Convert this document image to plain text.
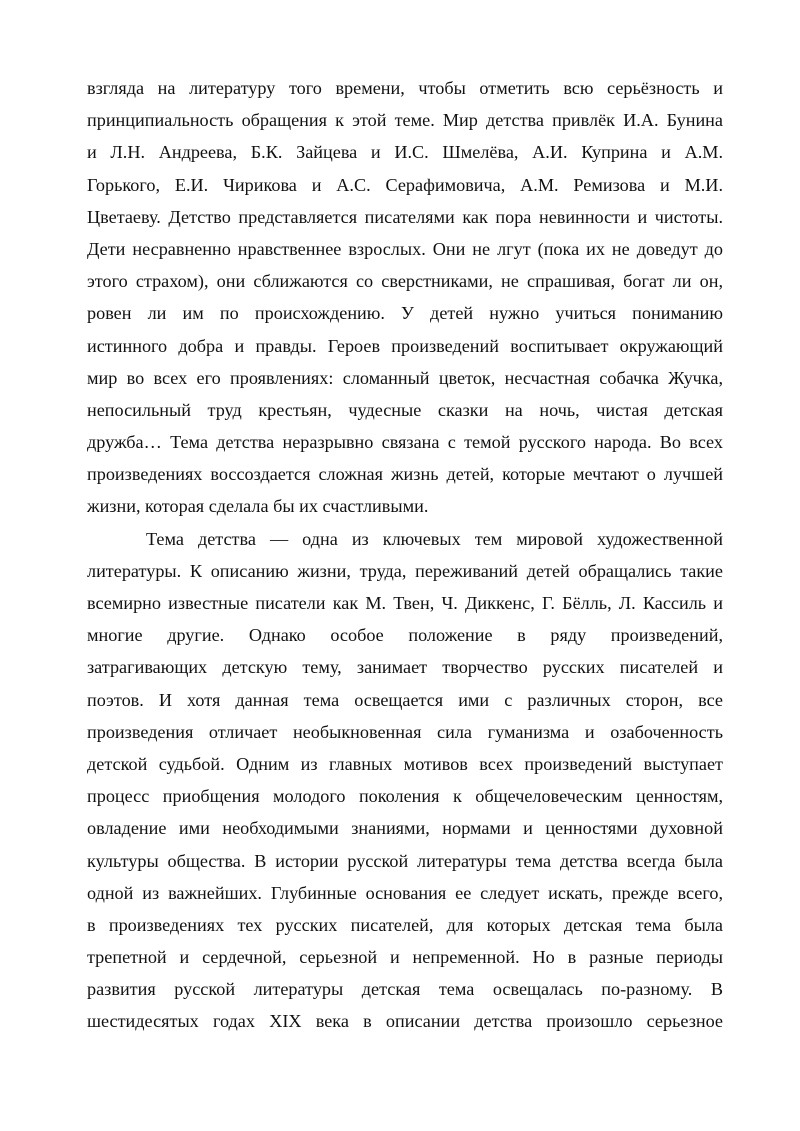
взгляда на литературу того времени, чтобы отметить всю серьёзность и
принципиальность обращения к этой теме. Мир детства привлёк И.А. Бунина
и Л.Н. Андреева, Б.К. Зайцева и И.С. Шмелёва, А.И. Куприна и А.М.
Горького, Е.И. Чирикова и А.С. Серафимовича, А.М. Ремизова и М.И.
Цветаеву. Детство представляется писателями как пора невинности и чистоты.
Дети несравненно нравственнее взрослых. Они не лгут (пока их не доведут до
этого страхом), они сближаются со сверстниками, не спрашивая, богат ли он,
ровен ли им по происхождению. У детей нужно учиться пониманию
истинного добра и правды. Героев произведений воспитывает окружающий
мир во всех его проявлениях: сломанный цветок, несчастная собачка Жучка,
непосильный труд крестьян, чудесные сказки на ночь, чистая детская
дружба… Тема детства неразрывно связана с темой русского народа. Во всех
произведениях воссоздается сложная жизнь детей, которые мечтают о лучшей
жизни, которая сделала бы их счастливыми.
Тема детства — одна из ключевых тем мировой художественной
литературы. К описанию жизни, труда, переживаний детей обращались такие
всемирно известные писатели как М. Твен, Ч. Диккенс, Г. Бёлль, Л. Кассиль и
многие другие. Однако особое положение в ряду произведений,
затрагивающих детскую тему, занимает творчество русских писателей и
поэтов. И хотя данная тема освещается ими с различных сторон, все
произведения отличает необыкновенная сила гуманизма и озабоченность
детской судьбой. Одним из главных мотивов всех произведений выступает
процесс приобщения молодого поколения к общечеловеческим ценностям,
овладение ими необходимыми знаниями, нормами и ценностями духовной
культуры общества. В истории русской литературы тема детства всегда была
одной из важнейших. Глубинные основания ее следует искать, прежде всего,
в произведениях тех русских писателей, для которых детская тема была
трепетной и сердечной, серьезной и непременной. Но в разные периоды
развития русской литературы детская тема освещалась по-разному. В
шестидесятых годах XIX века в описании детства произошло серьезное
